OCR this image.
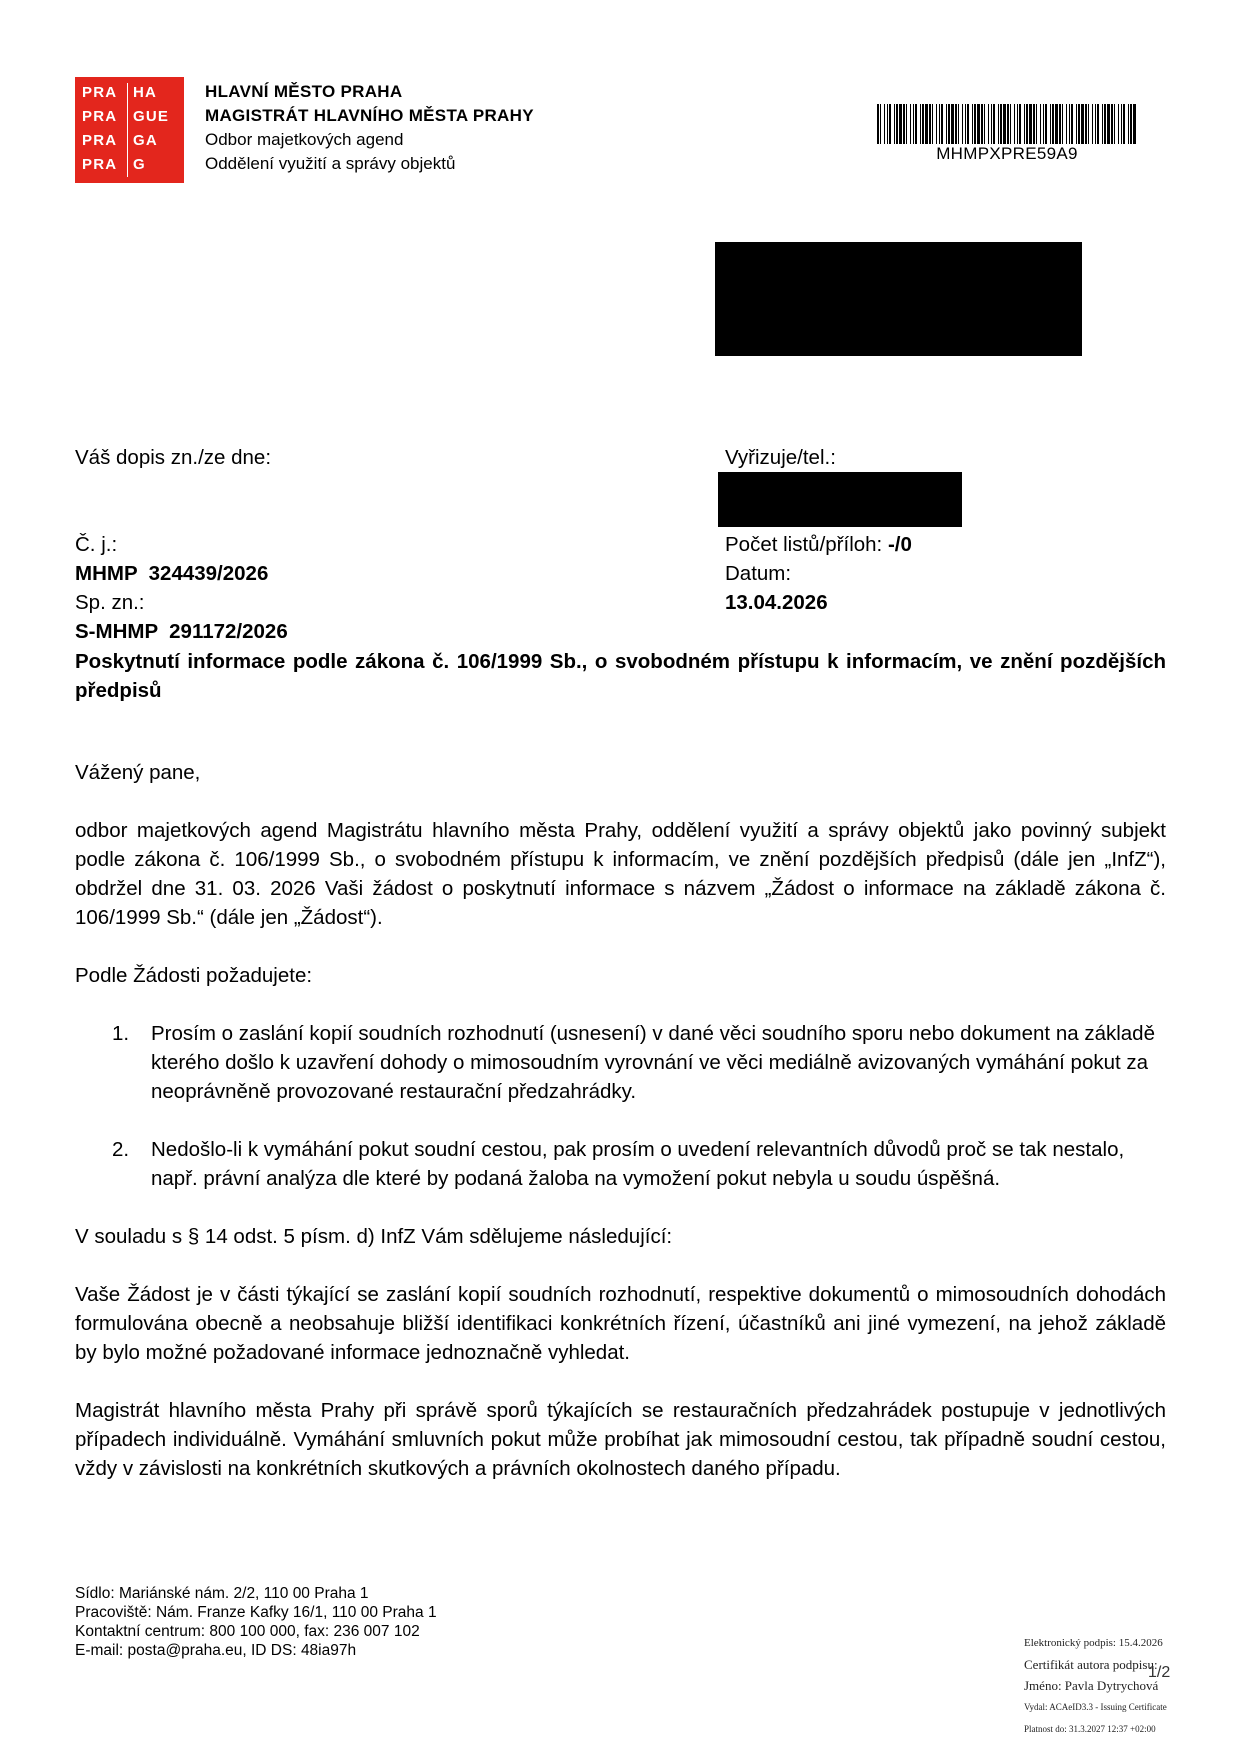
PRA HA
PRA GUE
PRA GA
PRA G
HLAVNÍ MĚSTO PRAHA
MAGISTRÁT HLAVNÍHO MĚSTA PRAHY
Odbor majetkových agend
Oddělení využití a správy objektů
MHMPXPRE59A9
Váš dopis zn./ze dne:
Č. j.:
MHMP  324439/2026
Sp. zn.:
S-MHMP  291172/2026
Vyřizuje/tel.:
Počet listů/příloh: -/0
Datum:
13.04.2026
Poskytnutí informace podle zákona č. 106/1999 Sb., o svobodném přístupu k informacím, ve znění pozdějších předpisů
Vážený pane,
odbor majetkových agend Magistrátu hlavního města Prahy, oddělení využití a správy objektů jako povinný subjekt podle zákona č. 106/1999 Sb., o svobodném přístupu k informacím, ve znění pozdějších předpisů (dále jen „InfZ“), obdržel dne 31. 03. 2026 Vaši žádost o poskytnutí informace s názvem „Žádost o informace na základě zákona č. 106/1999 Sb.“ (dále jen „Žádost“).
Podle Žádosti požadujete:
1. Prosím o zaslání kopií soudních rozhodnutí (usnesení) v dané věci soudního sporu nebo dokument na základě kterého došlo k uzavření dohody o mimosoudním vyrovnání ve věci mediálně avizovaných vymáhání pokut za neoprávněně provozované restaurační předzahrádky.
2. Nedošlo-li k vymáhání pokut soudní cestou, pak prosím o uvedení relevantních důvodů proč se tak nestalo, např. právní analýza dle které by podaná žaloba na vymožení pokut nebyla u soudu úspěšná.
V souladu s § 14 odst. 5 písm. d) InfZ Vám sdělujeme následující:
Vaše Žádost je v části týkající se zaslání kopií soudních rozhodnutí, respektive dokumentů o mimosoudních dohodách formulována obecně a neobsahuje bližší identifikaci konkrétních řízení, účastníků ani jiné vymezení, na jehož základě by bylo možné požadované informace jednoznačně vyhledat.
Magistrát hlavního města Prahy při správě sporů týkajících se restauračních předzahrádek postupuje v jednotlivých případech individuálně. Vymáhání smluvních pokut může probíhat jak mimosoudní cestou, tak případně soudní cestou, vždy v závislosti na konkrétních skutkových a právních okolnostech daného případu.
Sídlo: Mariánské nám. 2/2, 110 00 Praha 1
Pracoviště: Nám. Franze Kafky 16/1, 110 00 Praha 1
Kontaktní centrum: 800 100 000, fax: 236 007 102
E-mail: posta@praha.eu, ID DS: 48ia97h	Elektronický podpis: 15.4.2026
Certifikát autora podpisu:
Jméno: Pavla Dytrychová
Vydal: ACAeID3.3 - Issuing Certificate
Platnost do: 31.3.2027 12:37 +02:00
1/2
